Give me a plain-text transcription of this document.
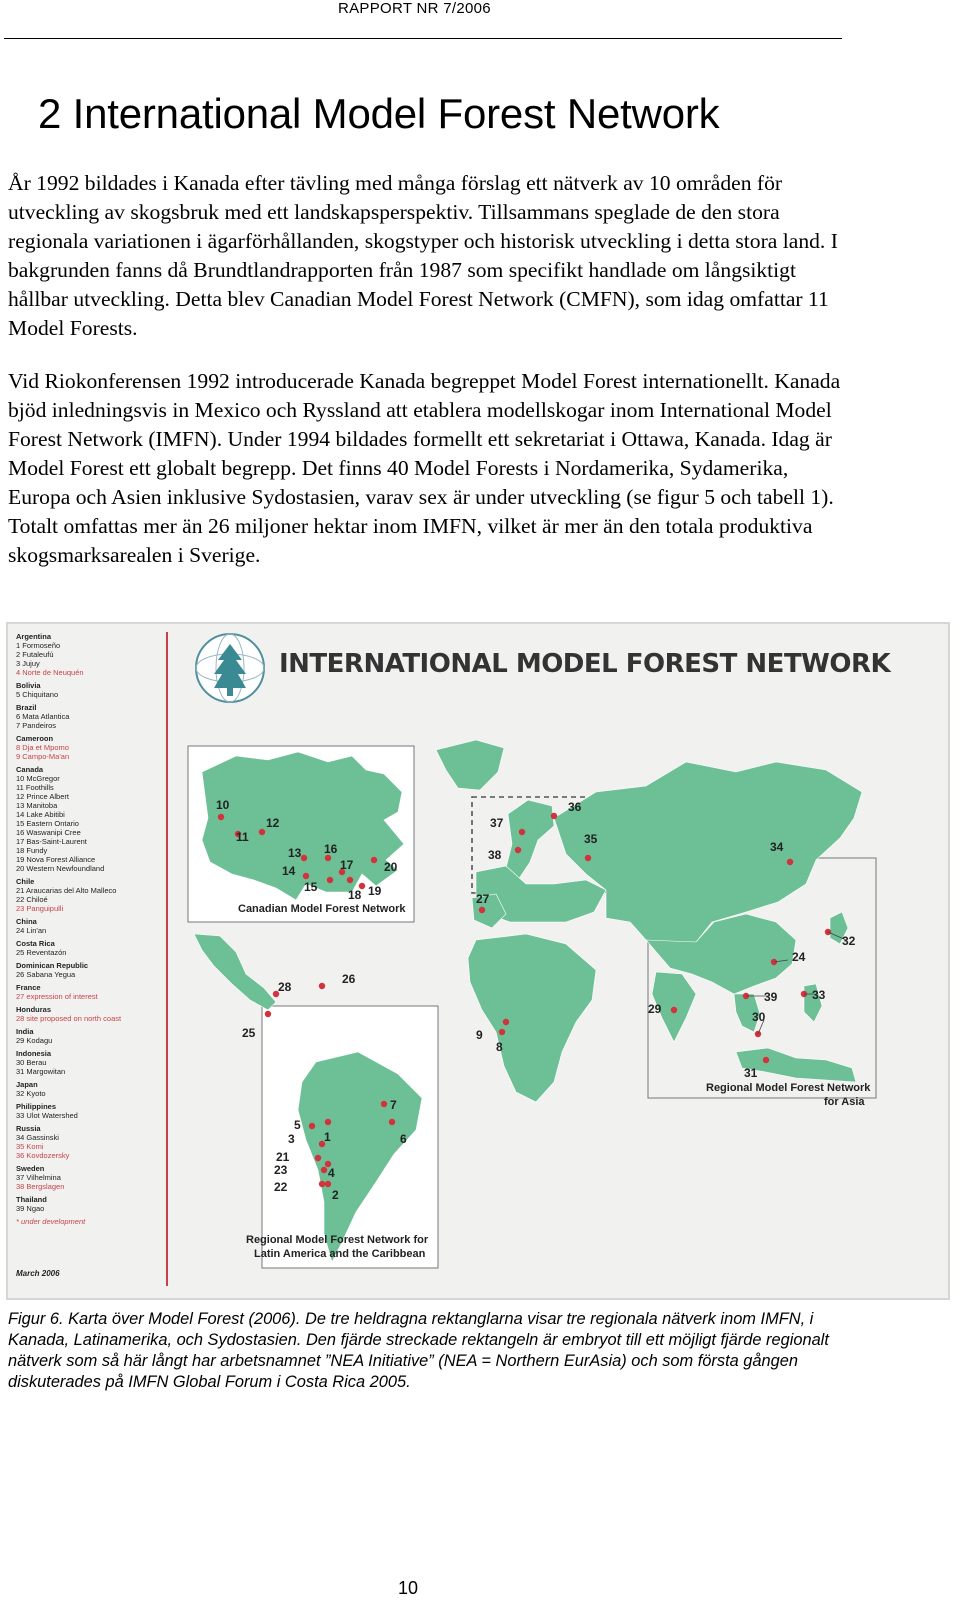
RAPPORT NR 7/2006
2 International Model Forest Network

År 1992 bildades i Kanada efter tävling med många förslag ett nätverk av 10 områden för utveckling av skogsbruk med ett landskapsperspektiv. Tillsammans speglade de den stora regionala variationen i ägarförhållanden, skogstyper och historisk utveckling i detta stora land. I bakgrunden fanns då Brundtlandrapporten från 1987 som specifikt handlade om långsiktigt hållbar utveckling. Detta blev Canadian Model Forest Network (CMFN), som idag omfattar 11 Model Forests.

Vid Riokonferensen 1992 introducerade Kanada begreppet Model Forest internationellt. Kanada bjöd inledningsvis in Mexico och Ryssland att etablera modellskogar inom International Model Forest Network (IMFN). Under 1994 bildades formellt ett sekretariat i Ottawa, Kanada. Idag är Model Forest ett globalt begrepp. Det finns 40 Model Forests i Nordamerika, Sydamerika, Europa och Asien inklusive Sydostasien, varav sex är under utveckling (se figur 5 och tabell 1). Totalt omfattas mer än 26 miljoner hektar inom IMFN, vilket är mer än den totala produktiva skogsmarksarealen i Sverige.

INTERNATIONAL MODEL FOREST NETWORK
Argentina
1 Formoseño
2 Futaleufú
3 Jujuy
4 Norte de Neuquén
Bolivia
5 Chiquitano
Brazil
6 Mata Atlantica
7 Pandeiros
Cameroon
8 Dja et Mpomo
9 Campo-Ma'an
Canada
10 McGregor
11 Foothills
12 Prince Albert
13 Manitoba
14 Lake Abitibi
15 Eastern Ontario
16 Waswanipi Cree
17 Bas-Saint-Laurent
18 Fundy
19 Nova Forest Alliance
20 Western Newfoundland
Chile
21 Araucarias del Alto Malleco
22 Chiloé
23 Panguipulli
China
24 Lin'an
Costa Rica
25 Reventazón
Dominican Republic
26 Sabana Yegua
France
27 expression of interest
Honduras
28 site proposed on north coast
India
29 Kodagu
Indonesia
30 Berau
31 Margowitan
Japan
32 Kyoto
Philippines
33 Ulot Watershed
Russia
34 Gassinski
35 Komi
36 Kovdozersky
Sweden
37 Vilhelmina
38 Bergslagen
Thailand
39 Ngao
* under development
March 2006
Canadian Model Forest Network
Regional Model Forest Network for
Latin America and the Caribbean
Regional Model Forest Network
for Asia
1
2
3
4
5
6
7
8
9
10
11
12
13
14
15
16
17
18 19
20
21
22
23
24
25
26
27
28
29
30
31
32
33
34
35
36
37
38
39

Figur 6. Karta över Model Forest (2006). De tre heldragna rektanglarna visar tre regionala nätverk inom IMFN, i Kanada, Latinamerika, och Sydostasien. Den fjärde streckade rektangeln är embryot till ett möjligt fjärde regionalt nätverk som så här långt har arbetsnamnet ”NEA Initiative” (NEA = Northern EurAsia) och som första gången diskuterades på IMFN Global Forum i Costa Rica 2005.

10
